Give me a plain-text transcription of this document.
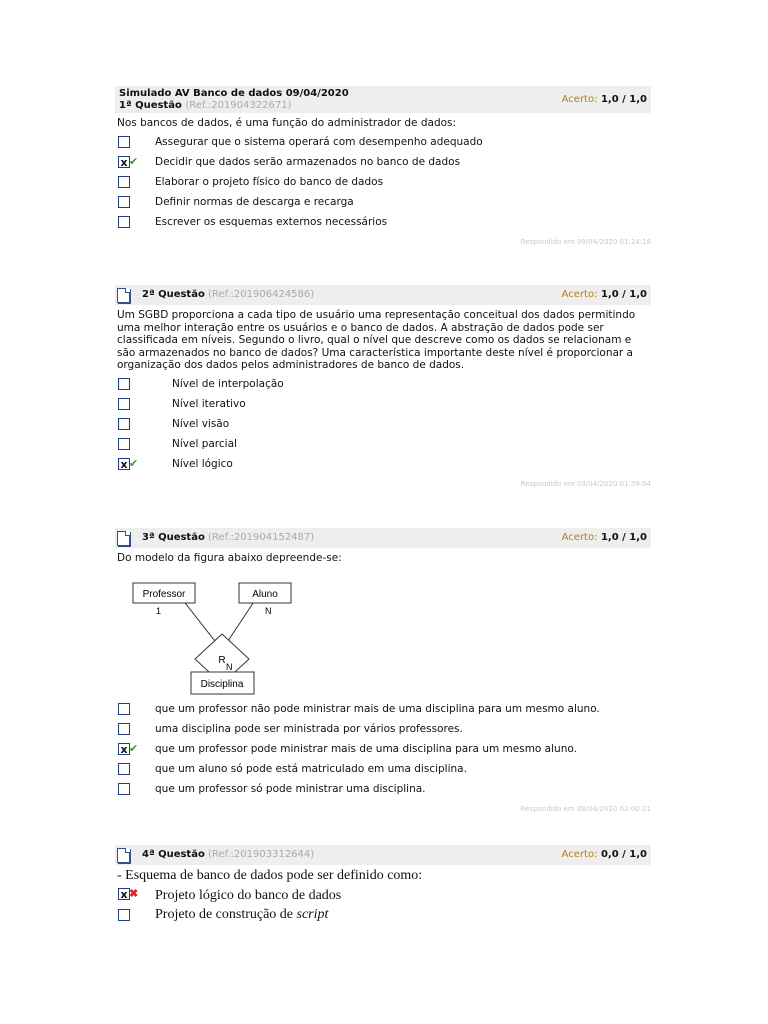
Simulado AV Banco de dados 09/04/2020
1ª Questão (Ref.:201904322671)
Acerto: 1,0 / 1,0
Nos bancos de dados, é uma função do administrador de dados:
Assegurar que o sistema operará com desempenho adequado
x ✔ Decidir que dados serão armazenados no banco de dados
Elaborar o projeto físico do banco de dados
Definir normas de descarga e recarga
Escrever os esquemas externos necessários
Respondido em 09/04/2020 01:24:18
2ª Questão (Ref.:201906424586)	Acerto: 1,0 / 1,0
Um SGBD proporciona a cada tipo de usuário uma representação conceitual dos dados permitindo uma melhor interação entre os usuários e o banco de dados. A abstração de dados pode ser classificada em níveis. Segundo o livro, qual o nível que descreve como os dados se relacionam e são armazenados no banco de dados? Uma característica importante deste nível é proporcionar a organização dos dados pelos administradores de banco de dados.
Nível de interpolação
Nível iterativo
Nível visão
Nível parcial
x ✔	Nível lógico
Respondido em 09/04/2020 01:59:04
3ª Questão (Ref.:201904152487)	Acerto: 1,0 / 1,0
Do modelo da figura abaixo depreende-se:
Professor	Aluno
R
Disciplina
1	N
N
que um professor não pode ministrar mais de uma disciplina para um mesmo aluno.
uma disciplina pode ser ministrada por vários professores.
x ✔ que um professor pode ministrar mais de uma disciplina para um mesmo aluno.
que um aluno só pode está matriculado em uma disciplina.
que um professor só pode ministrar uma disciplina.
Respondido em 09/04/2020 02:00:21
4ª Questão (Ref.:201903312644)	Acerto: 0,0 / 1,0
- Esquema de banco de dados pode ser definido como:
x ✖ Projeto lógico do banco de dados
Projeto de construção de script
